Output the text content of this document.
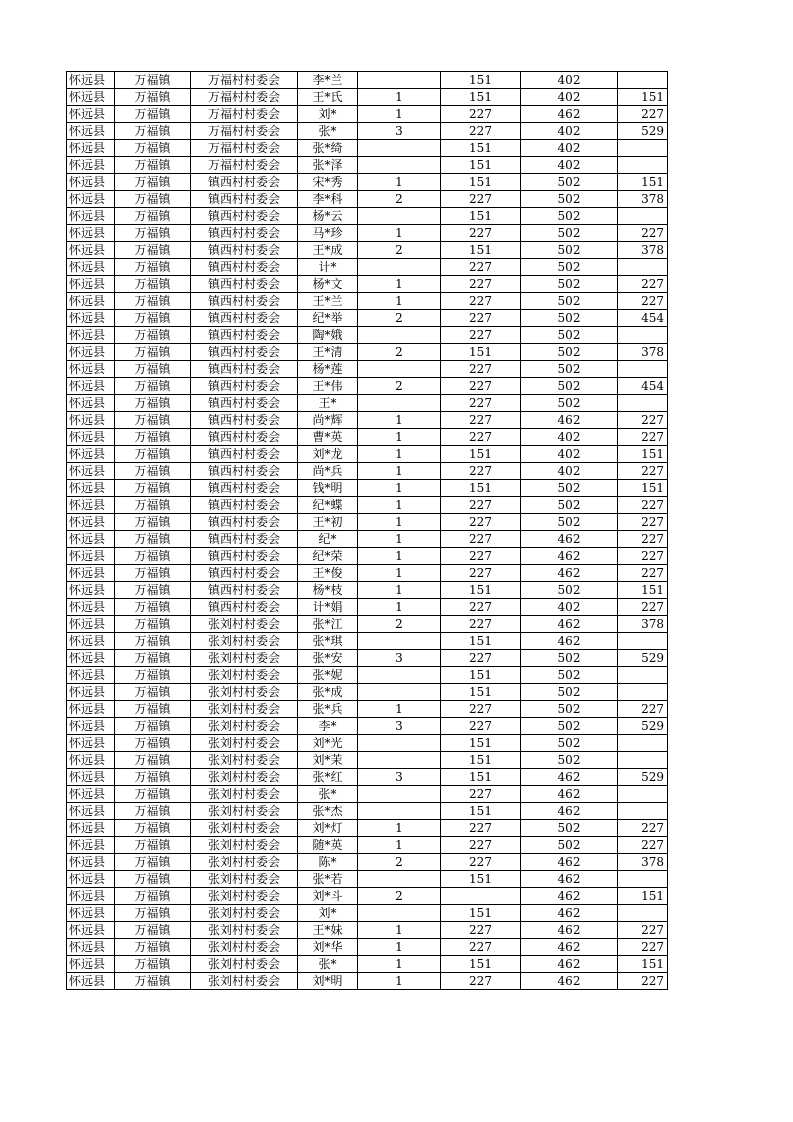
怀远县	万福镇	万福村村委会	李*兰		151	402	
怀远县	万福镇	万福村村委会	王*氏	1	151	402	151
怀远县	万福镇	万福村村委会	刘*	1	227	462	227
怀远县	万福镇	万福村村委会	张*	3	227	402	529
怀远县	万福镇	万福村村委会	张*绮		151	402	
怀远县	万福镇	万福村村委会	张*泽		151	402	
怀远县	万福镇	镇西村村委会	宋*秀	1	151	502	151
怀远县	万福镇	镇西村村委会	李*科	2	227	502	378
怀远县	万福镇	镇西村村委会	杨*云		151	502	
怀远县	万福镇	镇西村村委会	马*珍	1	227	502	227
怀远县	万福镇	镇西村村委会	王*成	2	151	502	378
怀远县	万福镇	镇西村村委会	计*		227	502	
怀远县	万福镇	镇西村村委会	杨*文	1	227	502	227
怀远县	万福镇	镇西村村委会	王*兰	1	227	502	227
怀远县	万福镇	镇西村村委会	纪*举	2	227	502	454
怀远县	万福镇	镇西村村委会	陶*娥		227	502	
怀远县	万福镇	镇西村村委会	王*清	2	151	502	378
怀远县	万福镇	镇西村村委会	杨*莲		227	502	
怀远县	万福镇	镇西村村委会	王*伟	2	227	502	454
怀远县	万福镇	镇西村村委会	王*		227	502	
怀远县	万福镇	镇西村村委会	尚*辉	1	227	462	227
怀远县	万福镇	镇西村村委会	曹*英	1	227	402	227
怀远县	万福镇	镇西村村委会	刘*龙	1	151	402	151
怀远县	万福镇	镇西村村委会	尚*兵	1	227	402	227
怀远县	万福镇	镇西村村委会	钱*明	1	151	502	151
怀远县	万福镇	镇西村村委会	纪*蝶	1	227	502	227
怀远县	万福镇	镇西村村委会	王*初	1	227	502	227
怀远县	万福镇	镇西村村委会	纪*	1	227	462	227
怀远县	万福镇	镇西村村委会	纪*荣	1	227	462	227
怀远县	万福镇	镇西村村委会	王*俊	1	227	462	227
怀远县	万福镇	镇西村村委会	杨*枝	1	151	502	151
怀远县	万福镇	镇西村村委会	计*娟	1	227	402	227
怀远县	万福镇	张刘村村委会	张*江	2	227	462	378
怀远县	万福镇	张刘村村委会	张*琪		151	462	
怀远县	万福镇	张刘村村委会	张*安	3	227	502	529
怀远县	万福镇	张刘村村委会	张*妮		151	502	
怀远县	万福镇	张刘村村委会	张*成		151	502	
怀远县	万福镇	张刘村村委会	张*兵	1	227	502	227
怀远县	万福镇	张刘村村委会	李*	3	227	502	529
怀远县	万福镇	张刘村村委会	刘*光		151	502	
怀远县	万福镇	张刘村村委会	刘*茉		151	502	
怀远县	万福镇	张刘村村委会	张*红	3	151	462	529
怀远县	万福镇	张刘村村委会	张*		227	462	
怀远县	万福镇	张刘村村委会	张*杰		151	462	
怀远县	万福镇	张刘村村委会	刘*灯	1	227	502	227
怀远县	万福镇	张刘村村委会	随*英	1	227	502	227
怀远县	万福镇	张刘村村委会	陈*	2	227	462	378
怀远县	万福镇	张刘村村委会	张*若		151	462	
怀远县	万福镇	张刘村村委会	刘*斗	2		462	151
怀远县	万福镇	张刘村村委会	刘*		151	462	
怀远县	万福镇	张刘村村委会	王*妹	1	227	462	227
怀远县	万福镇	张刘村村委会	刘*华	1	227	462	227
怀远县	万福镇	张刘村村委会	张*	1	151	462	151
怀远县	万福镇	张刘村村委会	刘*明	1	227	462	227
